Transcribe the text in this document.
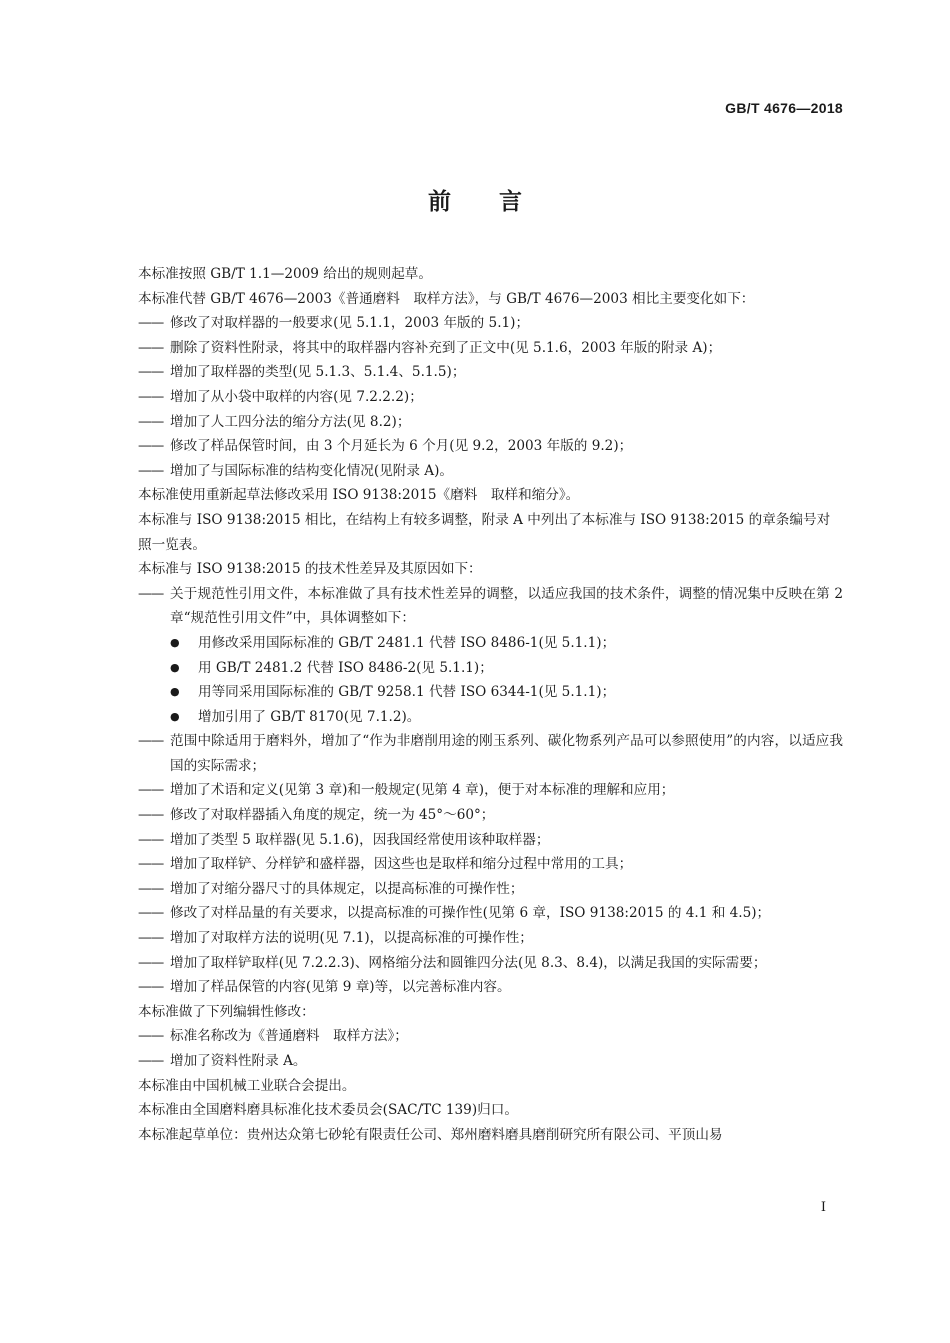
GB/T 4676—2018
前言

本标准按照 GB/T 1.1—2009 给出的规则起草。

本标准代替 GB/T 4676—2003《普通磨料　取样方法》，与 GB/T 4676—2003 相比主要变化如下：

—— 修改了对取样器的一般要求(见 5.1.1，2003 年版的 5.1)；
—— 删除了资料性附录，将其中的取样器内容补充到了正文中(见 5.1.6，2003 年版的附录 A)；
—— 增加了取样器的类型(见 5.1.3、5.1.4、5.1.5)；
—— 增加了从小袋中取样的内容(见 7.2.2.2)；
—— 增加了人工四分法的缩分方法(见 8.2)；
—— 修改了样品保管时间，由 3 个月延长为 6 个月(见 9.2，2003 年版的 9.2)；
—— 增加了与国际标准的结构变化情况(见附录 A)。

本标准使用重新起草法修改采用 ISO 9138:2015《磨料　取样和缩分》。

本标准与 ISO 9138:2015 相比，在结构上有较多调整，附录 A 中列出了本标准与 ISO 9138:2015 的章条编号对照一览表。

本标准与 ISO 9138:2015 的技术性差异及其原因如下：

—— 关于规范性引用文件，本标准做了具有技术性差异的调整，以适应我国的技术条件，调整的情况集中反映在第 2 章“规范性引用文件”中，具体调整如下：
●	用修改采用国际标准的 GB/T 2481.1 代替 ISO 8486-1(见 5.1.1)；
●	用 GB/T 2481.2 代替 ISO 8486-2(见 5.1.1)；
●	用等同采用国际标准的 GB/T 9258.1 代替 ISO 6344-1(见 5.1.1)；
●	增加引用了 GB/T 8170(见 7.1.2)。
—— 范围中除适用于磨料外，增加了“作为非磨削用途的刚玉系列、碳化物系列产品可以参照使用”的内容，以适应我国的实际需求；
—— 增加了术语和定义(见第 3 章)和一般规定(见第 4 章)，便于对本标准的理解和应用；
—— 修改了对取样器插入角度的规定，统一为 45°～60°；
—— 增加了类型 5 取样器(见 5.1.6)，因我国经常使用该种取样器；
—— 增加了取样铲、分样铲和盛样器，因这些也是取样和缩分过程中常用的工具；
—— 增加了对缩分器尺寸的具体规定，以提高标准的可操作性；
—— 修改了对样品量的有关要求，以提高标准的可操作性(见第 6 章，ISO 9138:2015 的 4.1 和 4.5)；
—— 增加了对取样方法的说明(见 7.1)，以提高标准的可操作性；
—— 增加了取样铲取样(见 7.2.2.3)、网格缩分法和圆锥四分法(见 8.3、8.4)，以满足我国的实际需要；
—— 增加了样品保管的内容(见第 9 章)等，以完善标准内容。

本标准做了下列编辑性修改：

—— 标准名称改为《普通磨料　取样方法》；
—— 增加了资料性附录 A。

本标准由中国机械工业联合会提出。

本标准由全国磨料磨具标准化技术委员会(SAC/TC 139)归口。

本标准起草单位：贵州达众第七砂轮有限责任公司、郑州磨料磨具磨削研究所有限公司、平顶山易

I
